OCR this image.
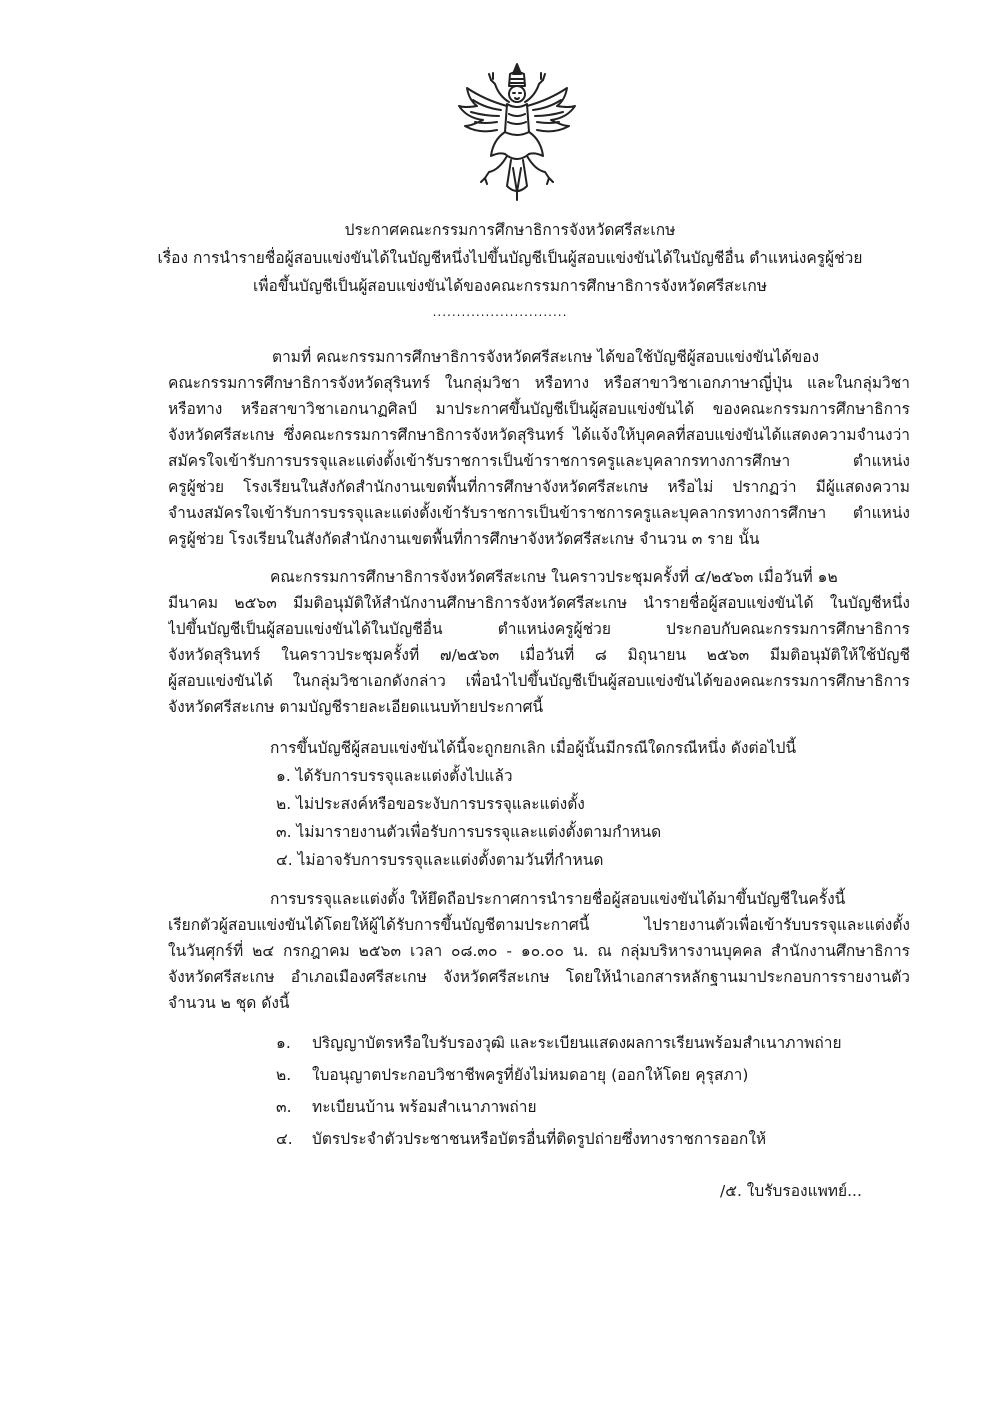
ประกาศคณะกรรมการศึกษาธิการจังหวัดศรีสะเกษ
เรื่อง การนำรายชื่อผู้สอบแข่งขันได้ในบัญชีหนึ่งไปขึ้นบัญชีเป็นผู้สอบแข่งขันได้ในบัญชีอื่น ตำแหน่งครูผู้ช่วย
เพื่อขึ้นบัญชีเป็นผู้สอบแข่งขันได้ของคณะกรรมการศึกษาธิการจังหวัดศรีสะเกษ
............................
ตามที่ คณะกรรมการศึกษาธิการจังหวัดศรีสะเกษ ได้ขอใช้บัญชีผู้สอบแข่งขันได้ของ
คณะกรรมการศึกษาธิการจังหวัดสุรินทร์ ในกลุ่มวิชา หรือทาง หรือสาขาวิชาเอกภาษาญี่ปุ่น และในกลุ่มวิชา
หรือทาง หรือสาขาวิชาเอกนาฏศิลป์ มาประกาศขึ้นบัญชีเป็นผู้สอบแข่งขันได้ ของคณะกรรมการศึกษาธิการ
จังหวัดศรีสะเกษ ซึ่งคณะกรรมการศึกษาธิการจังหวัดสุรินทร์ ได้แจ้งให้บุคคลที่สอบแข่งขันได้แสดงความจำนงว่า
สมัครใจเข้ารับการบรรจุและแต่งตั้งเข้ารับราชการเป็นข้าราชการครูและบุคลากรทางการศึกษา ตำแหน่ง
ครูผู้ช่วย โรงเรียนในสังกัดสำนักงานเขตพื้นที่การศึกษาจังหวัดศรีสะเกษ หรือไม่ ปรากฏว่า มีผู้แสดงความ
จำนงสมัครใจเข้ารับการบรรจุและแต่งตั้งเข้ารับราชการเป็นข้าราชการครูและบุคลากรทางการศึกษา ตำแหน่ง
ครูผู้ช่วย โรงเรียนในสังกัดสำนักงานเขตพื้นที่การศึกษาจังหวัดศรีสะเกษ จำนวน ๓ ราย นั้น
คณะกรรมการศึกษาธิการจังหวัดศรีสะเกษ ในคราวประชุมครั้งที่ ๔/๒๕๖๓ เมื่อวันที่ ๑๒
มีนาคม ๒๕๖๓ มีมติอนุมัติให้สำนักงานศึกษาธิการจังหวัดศรีสะเกษ นำรายชื่อผู้สอบแข่งขันได้ ในบัญชีหนึ่ง
ไปขึ้นบัญชีเป็นผู้สอบแข่งขันได้ในบัญชีอื่น ตำแหน่งครูผู้ช่วย ประกอบกับคณะกรรมการศึกษาธิการ
จังหวัดสุรินทร์ ในคราวประชุมครั้งที่ ๗/๒๕๖๓ เมื่อวันที่ ๘ มิถุนายน ๒๕๖๓ มีมติอนุมัติให้ใช้บัญชี
ผู้สอบแข่งขันได้ ในกลุ่มวิชาเอกดังกล่าว เพื่อนำไปขึ้นบัญชีเป็นผู้สอบแข่งขันได้ของคณะกรรมการศึกษาธิการ
จังหวัดศรีสะเกษ ตามบัญชีรายละเอียดแนบท้ายประกาศนี้
การขึ้นบัญชีผู้สอบแข่งขันได้นี้จะถูกยกเลิก เมื่อผู้นั้นมีกรณีใดกรณีหนึ่ง ดังต่อไปนี้
๑. ได้รับการบรรจุและแต่งตั้งไปแล้ว
๒. ไม่ประสงค์หรือขอระงับการบรรจุและแต่งตั้ง
๓. ไม่มารายงานตัวเพื่อรับการบรรจุและแต่งตั้งตามกำหนด
๔. ไม่อาจรับการบรรจุและแต่งตั้งตามวันที่กำหนด
การบรรจุและแต่งตั้ง ให้ยึดถือประกาศการนำรายชื่อผู้สอบแข่งขันได้มาขึ้นบัญชีในครั้งนี้
เรียกตัวผู้สอบแข่งขันได้โดยให้ผู้ได้รับการขึ้นบัญชีตามประกาศนี้ ไปรายงานตัวเพื่อเข้ารับบรรจุและแต่งตั้ง
ในวันศุกร์ที่ ๒๔ กรกฎาคม ๒๕๖๓ เวลา ๐๘.๓๐ - ๑๐.๐๐ น. ณ กลุ่มบริหารงานบุคคล สำนักงานศึกษาธิการ
จังหวัดศรีสะเกษ อำเภอเมืองศรีสะเกษ จังหวัดศรีสะเกษ โดยให้นำเอกสารหลักฐานมาประกอบการรายงานตัว
จำนวน ๒ ชุด ดังนี้
๑. ปริญญาบัตรหรือใบรับรองวุฒิ และระเบียนแสดงผลการเรียนพร้อมสำเนาภาพถ่าย
๒. ใบอนุญาตประกอบวิชาชีพครูที่ยังไม่หมดอายุ (ออกให้โดย คุรุสภา)
๓. ทะเบียนบ้าน พร้อมสำเนาภาพถ่าย
๔. บัตรประจำตัวประชาชนหรือบัตรอื่นที่ติดรูปถ่ายซึ่งทางราชการออกให้
/๕. ใบรับรองแพทย์...
